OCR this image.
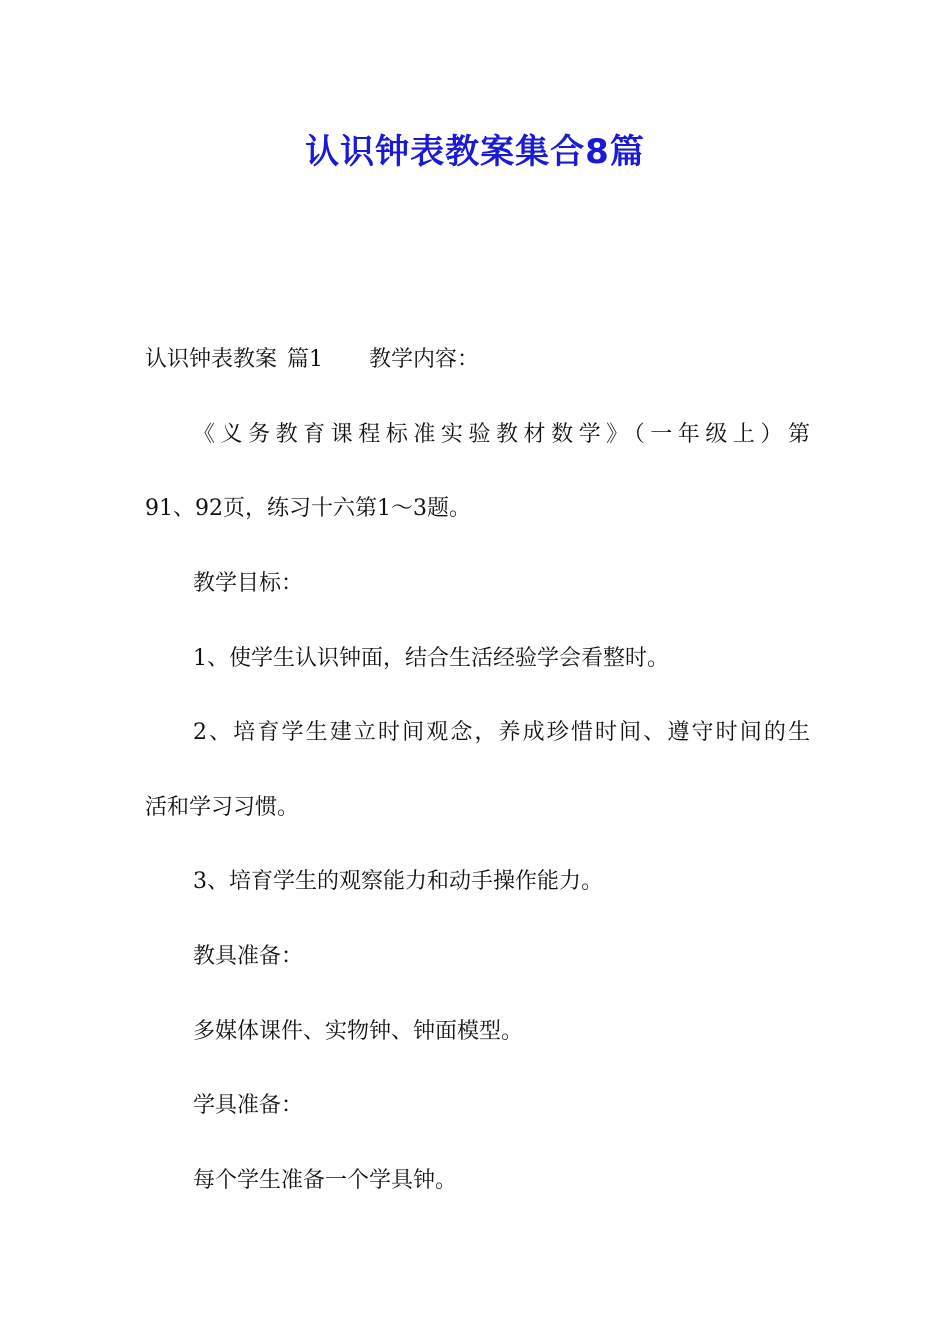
认识钟表教案集合8篇
认识钟表教案 篇1 教学内容：
《义务教育课程标准实验教材数学》（一年级上）第
91、92页，练习十六第1～3题。
教学目标：
1、使学生认识钟面，结合生活经验学会看整时。
2、培育学生建立时间观念，养成珍惜时间、遵守时间的生
活和学习习惯。
3、培育学生的观察能力和动手操作能力。
教具准备：
多媒体课件、实物钟、钟面模型。
学具准备：
每个学生准备一个学具钟。
